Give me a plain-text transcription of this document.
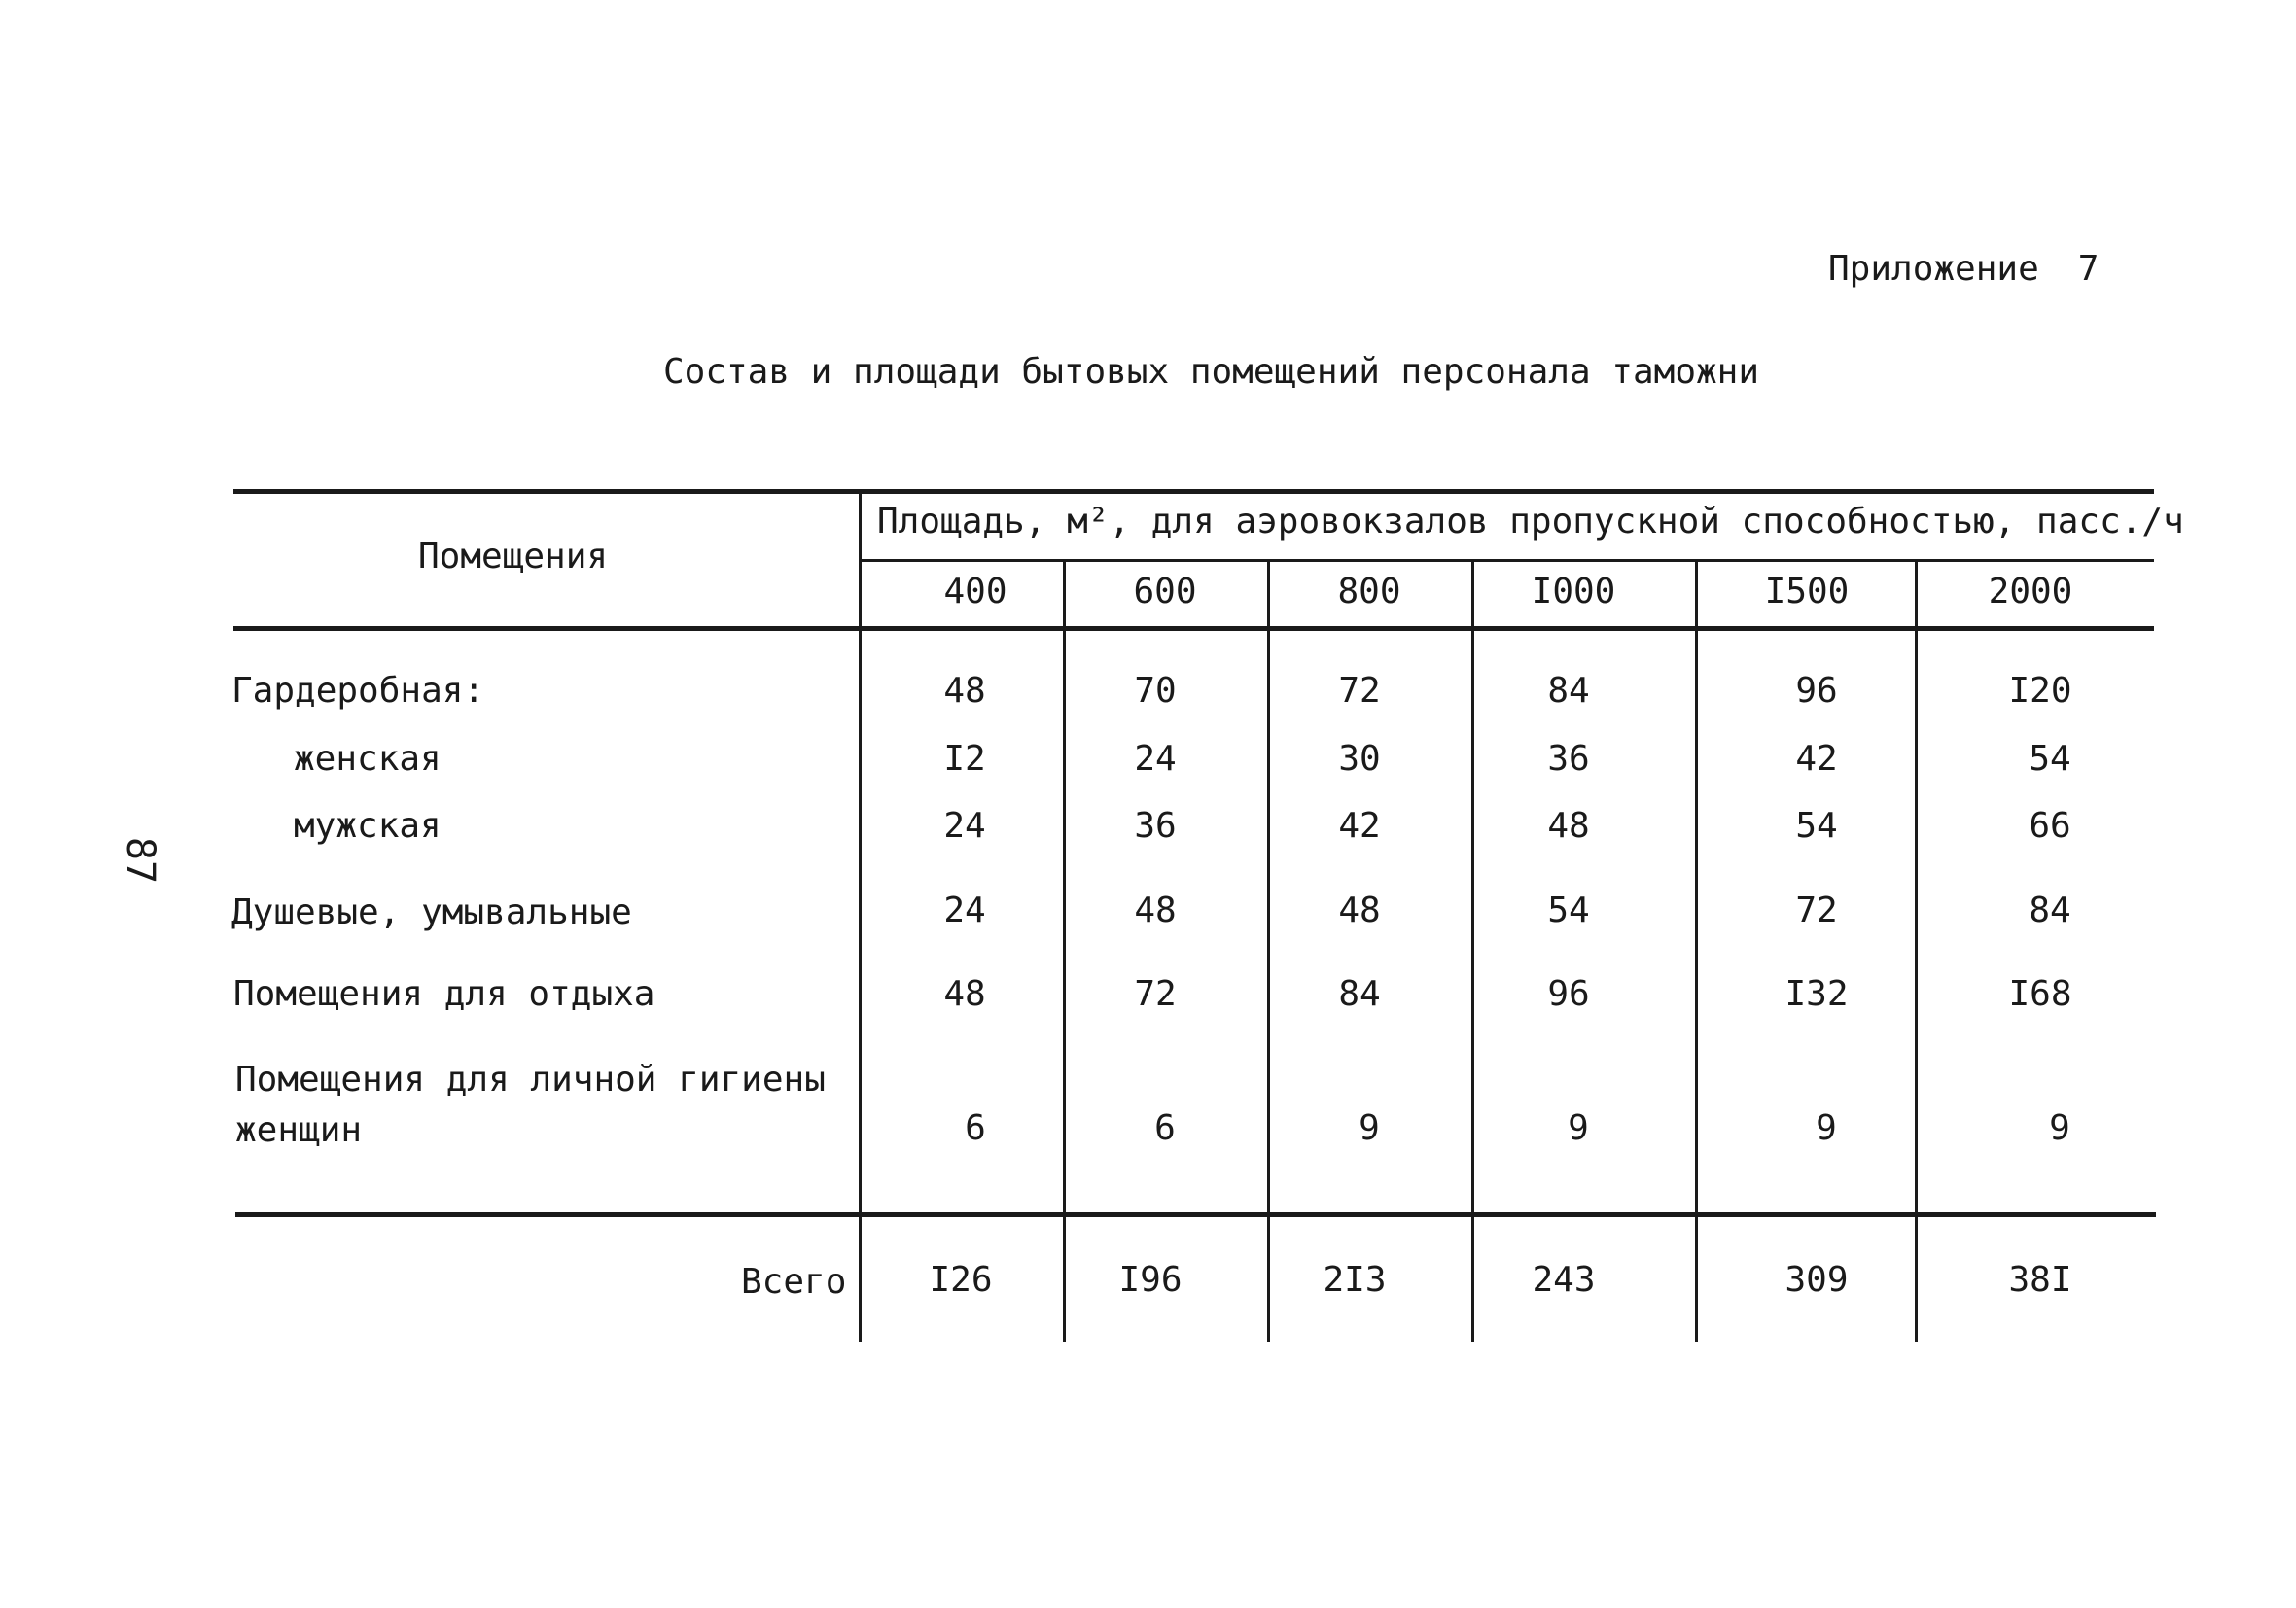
Приложение 7
Состав и площади бытовых помещений персонала таможни
87
Помещения
Площадь, м², для аэровокзалов пропускной способностью, пасс./ч
400	600	800	I000	I500	2000
Гардеробная:	48	70	72	84	96	I20
женская	I2	24	30	36	42	54
мужская	24	36	42	48	54	66
Душевые, умывальные	24	48	48	54	72	84
Помещения для отдыха	48	72	84	96	I32	I68
Помещения для личной гигиены
женщин	6	6	9	9	9	9
Всего	I26	I96	2I3	243	309	38I
